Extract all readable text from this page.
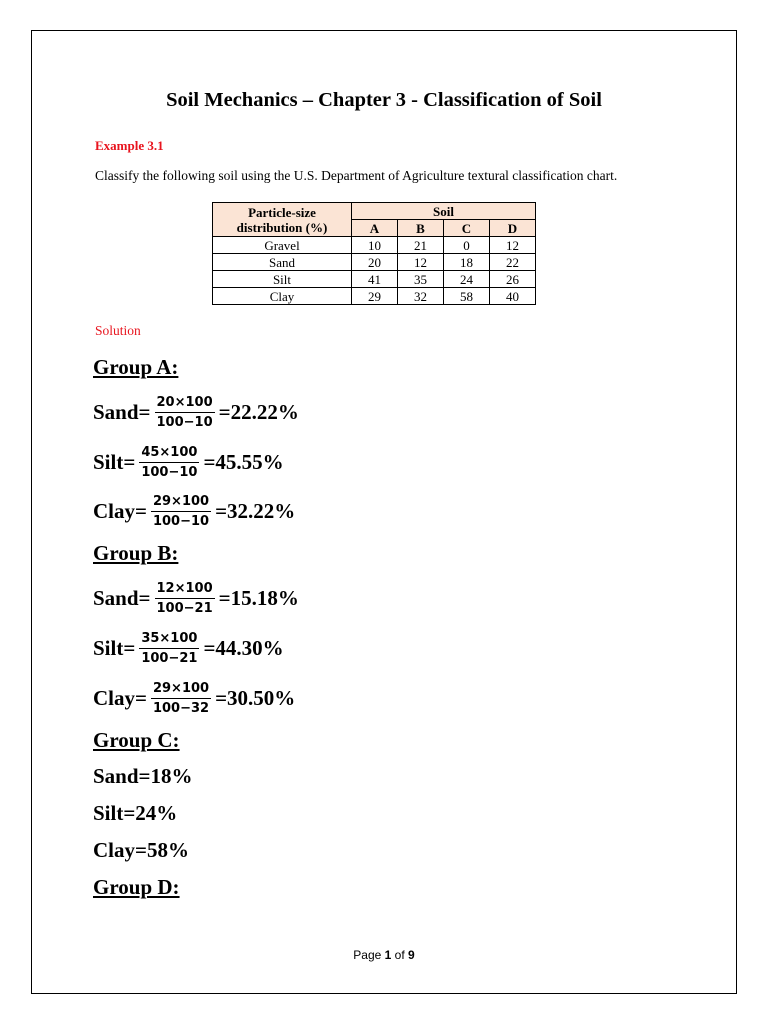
Soil Mechanics – Chapter 3 - Classification of Soil
Example 3.1
Classify the following soil using the U.S. Department of Agriculture textural classification chart.
Particle-size distribution (%)	Soil			
	A	B	C	D
Gravel	10	21	0	12
Sand	20	12	18	22
Silt	41	35	24	26
Clay	29	32	58	40
Solution
Group A:
Sand= $\frac{20\times 100}{100-10} =22.22\%$
Silt= $\frac{45\times 100}{100-10} =45.55\%$
Clay= $\frac{29\times 100}{100-10} =32.22\%$
Group B:
Sand= $\frac{12\times 100}{100-21} =15.18\%$
Silt= $\frac{35\times 100}{100-21} =44.30\%$
Clay= $\frac{29\times 100}{100-32} =30.50\%$
Group C:
Sand=18%
Silt=24%
Clay=58%
Group D:
Page 1 of 9
